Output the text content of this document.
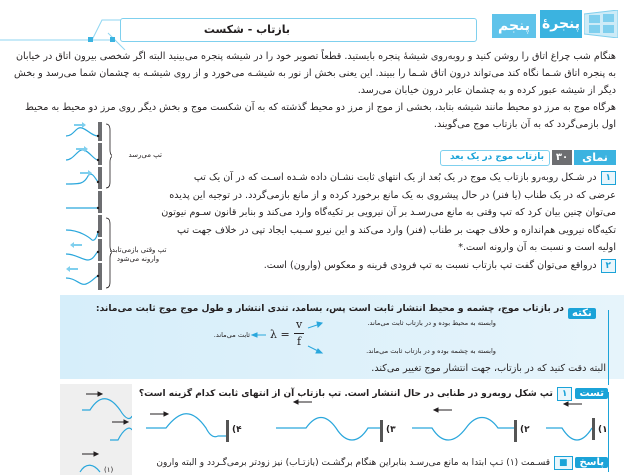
بازتاب - شکست	پنجرهٔ
پنجم
هنگام شب چراغ اتاق را روشن کنید و روبه‌روی شیشهٔ پنجره بایستید. قطعاً تصویر خود را در شیشه پنجره می‌بینید البته اگر شخصی بیرون اتاق در خیابان
به پنجره اتاق شـما نگاه کند می‌تواند درون اتاق شـما را ببیند. این یعنی بخش از نور به شیشـه می‌خورد و از روی شیشـه به چشمان شما می‌رسد و بخش
دیگر از شیشه عبور کرده و به چشمان عابر درون خیابان می‌رسد.
هرگاه موج به مرز دو محیط مانند شیشه بتابد، بخشی از موج از مرز دو محیط گذشته که به آن شکست موج و بخش دیگر روی مرز دو محیط به محیط
اول بازمی‌گردد که به آن بازتاب موج می‌گویند.
بازتاب موج در یک بعد	۳۰	نمای
۱در شـکل روبه‌رو بازتاب یک موج در یک بُعد از یک انتهای ثابت نشـان داده شـده اسـت که در آن یک تپ
عرضی که در یک طناب (یا فنر) در حال پیشروی به یک مانع برخورد کرده و از مانع بازمی‌گردد. در توجیه این پدیده
می‌توان چنین بیان کرد که تپ وقتی به مانع می‌رسـد بر آن نیرویی بر تکیه‌گاه وارد می‌کند و بنابر قانون سـوم نیوتون
تکیه‌گاه نیرویی هم‌اندازه و خلاف جهت بر طناب (فنر) وارد می‌کند و این نیرو سـبب ایجاد تپی در خلاف جهت تپ
اولیه است و نسبت به آن وارونه است.*
۲درواقع می‌توان گفت تپ بازتاب نسبت به تپ فرودی قرینه و معکوس (وارون) است.
تپ می‌رسد
تپ وقتی بازمی‌تابد،
وارونه می‌شود
نکته
در بازتاب موج، چشمه و محیط انتشار ثابت است پس، بسامد، تندی انتشار و طول موج موج ثابت می‌ماند:
ثابت می‌ماند. λ =
v
f
وابسته به محیط بوده و در بازتاب ثابت می‌ماند.
وابسته به چشمه بوده و در بازتاب ثابت می‌ماند.
البته دقت کنید که در بازتاب، جهت انتشار موج تغییر می‌کند.
تست ۱تپ شکل روبه‌رو در طنابی در حال انتشار است. تپ بازتاب آن از انتهای ثابت کدام گزینه است؟
(۱)
۴)	۳)	۲)	۱)
پاسخ ■قسـمت (۱) تـپ ابتدا به مانع می‌رسـد بنابراین هنگام برگشـت (بازتـاب) نیز زودتر برمی‌گـردد و البته وارون
